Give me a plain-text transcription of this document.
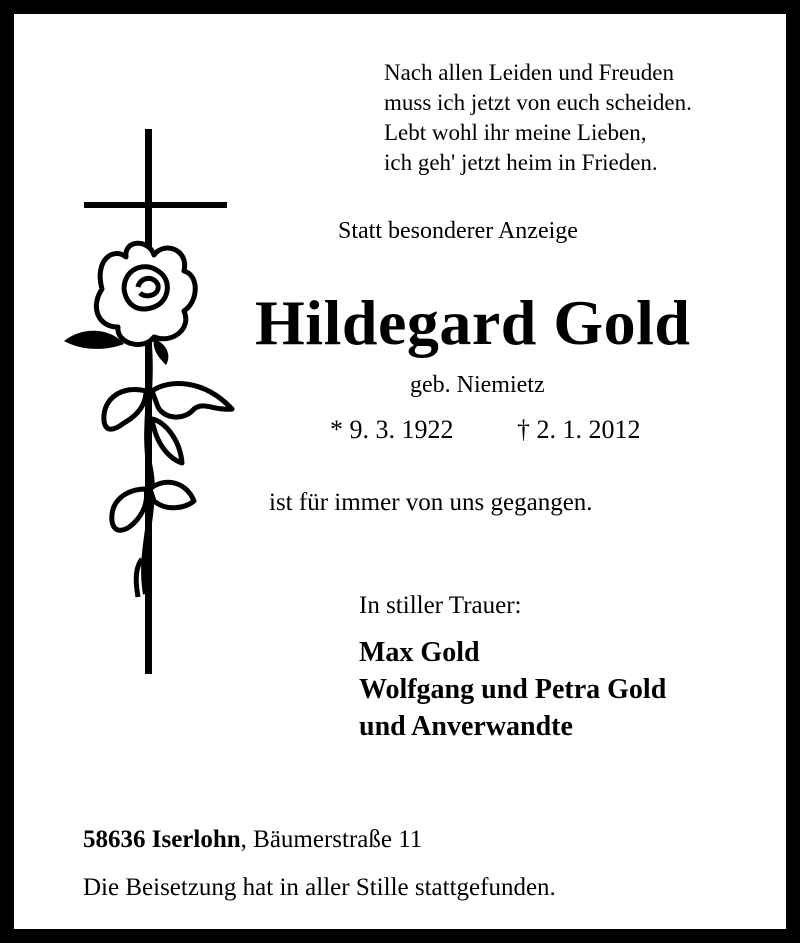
Nach allen Leiden und Freuden
muss ich jetzt von euch scheiden.
Lebt wohl ihr meine Lieben,
ich geh' jetzt heim in Frieden.
Statt besonderer Anzeige
Hildegard Gold
geb. Niemietz
* 9. 3. 1922 † 2. 1. 2012
ist für immer von uns gegangen.
In stiller Trauer:
Max Gold
Wolfgang und Petra Gold
und Anverwandte
58636 Iserlohn, Bäumerstraße 11
Die Beisetzung hat in aller Stille stattgefunden.
